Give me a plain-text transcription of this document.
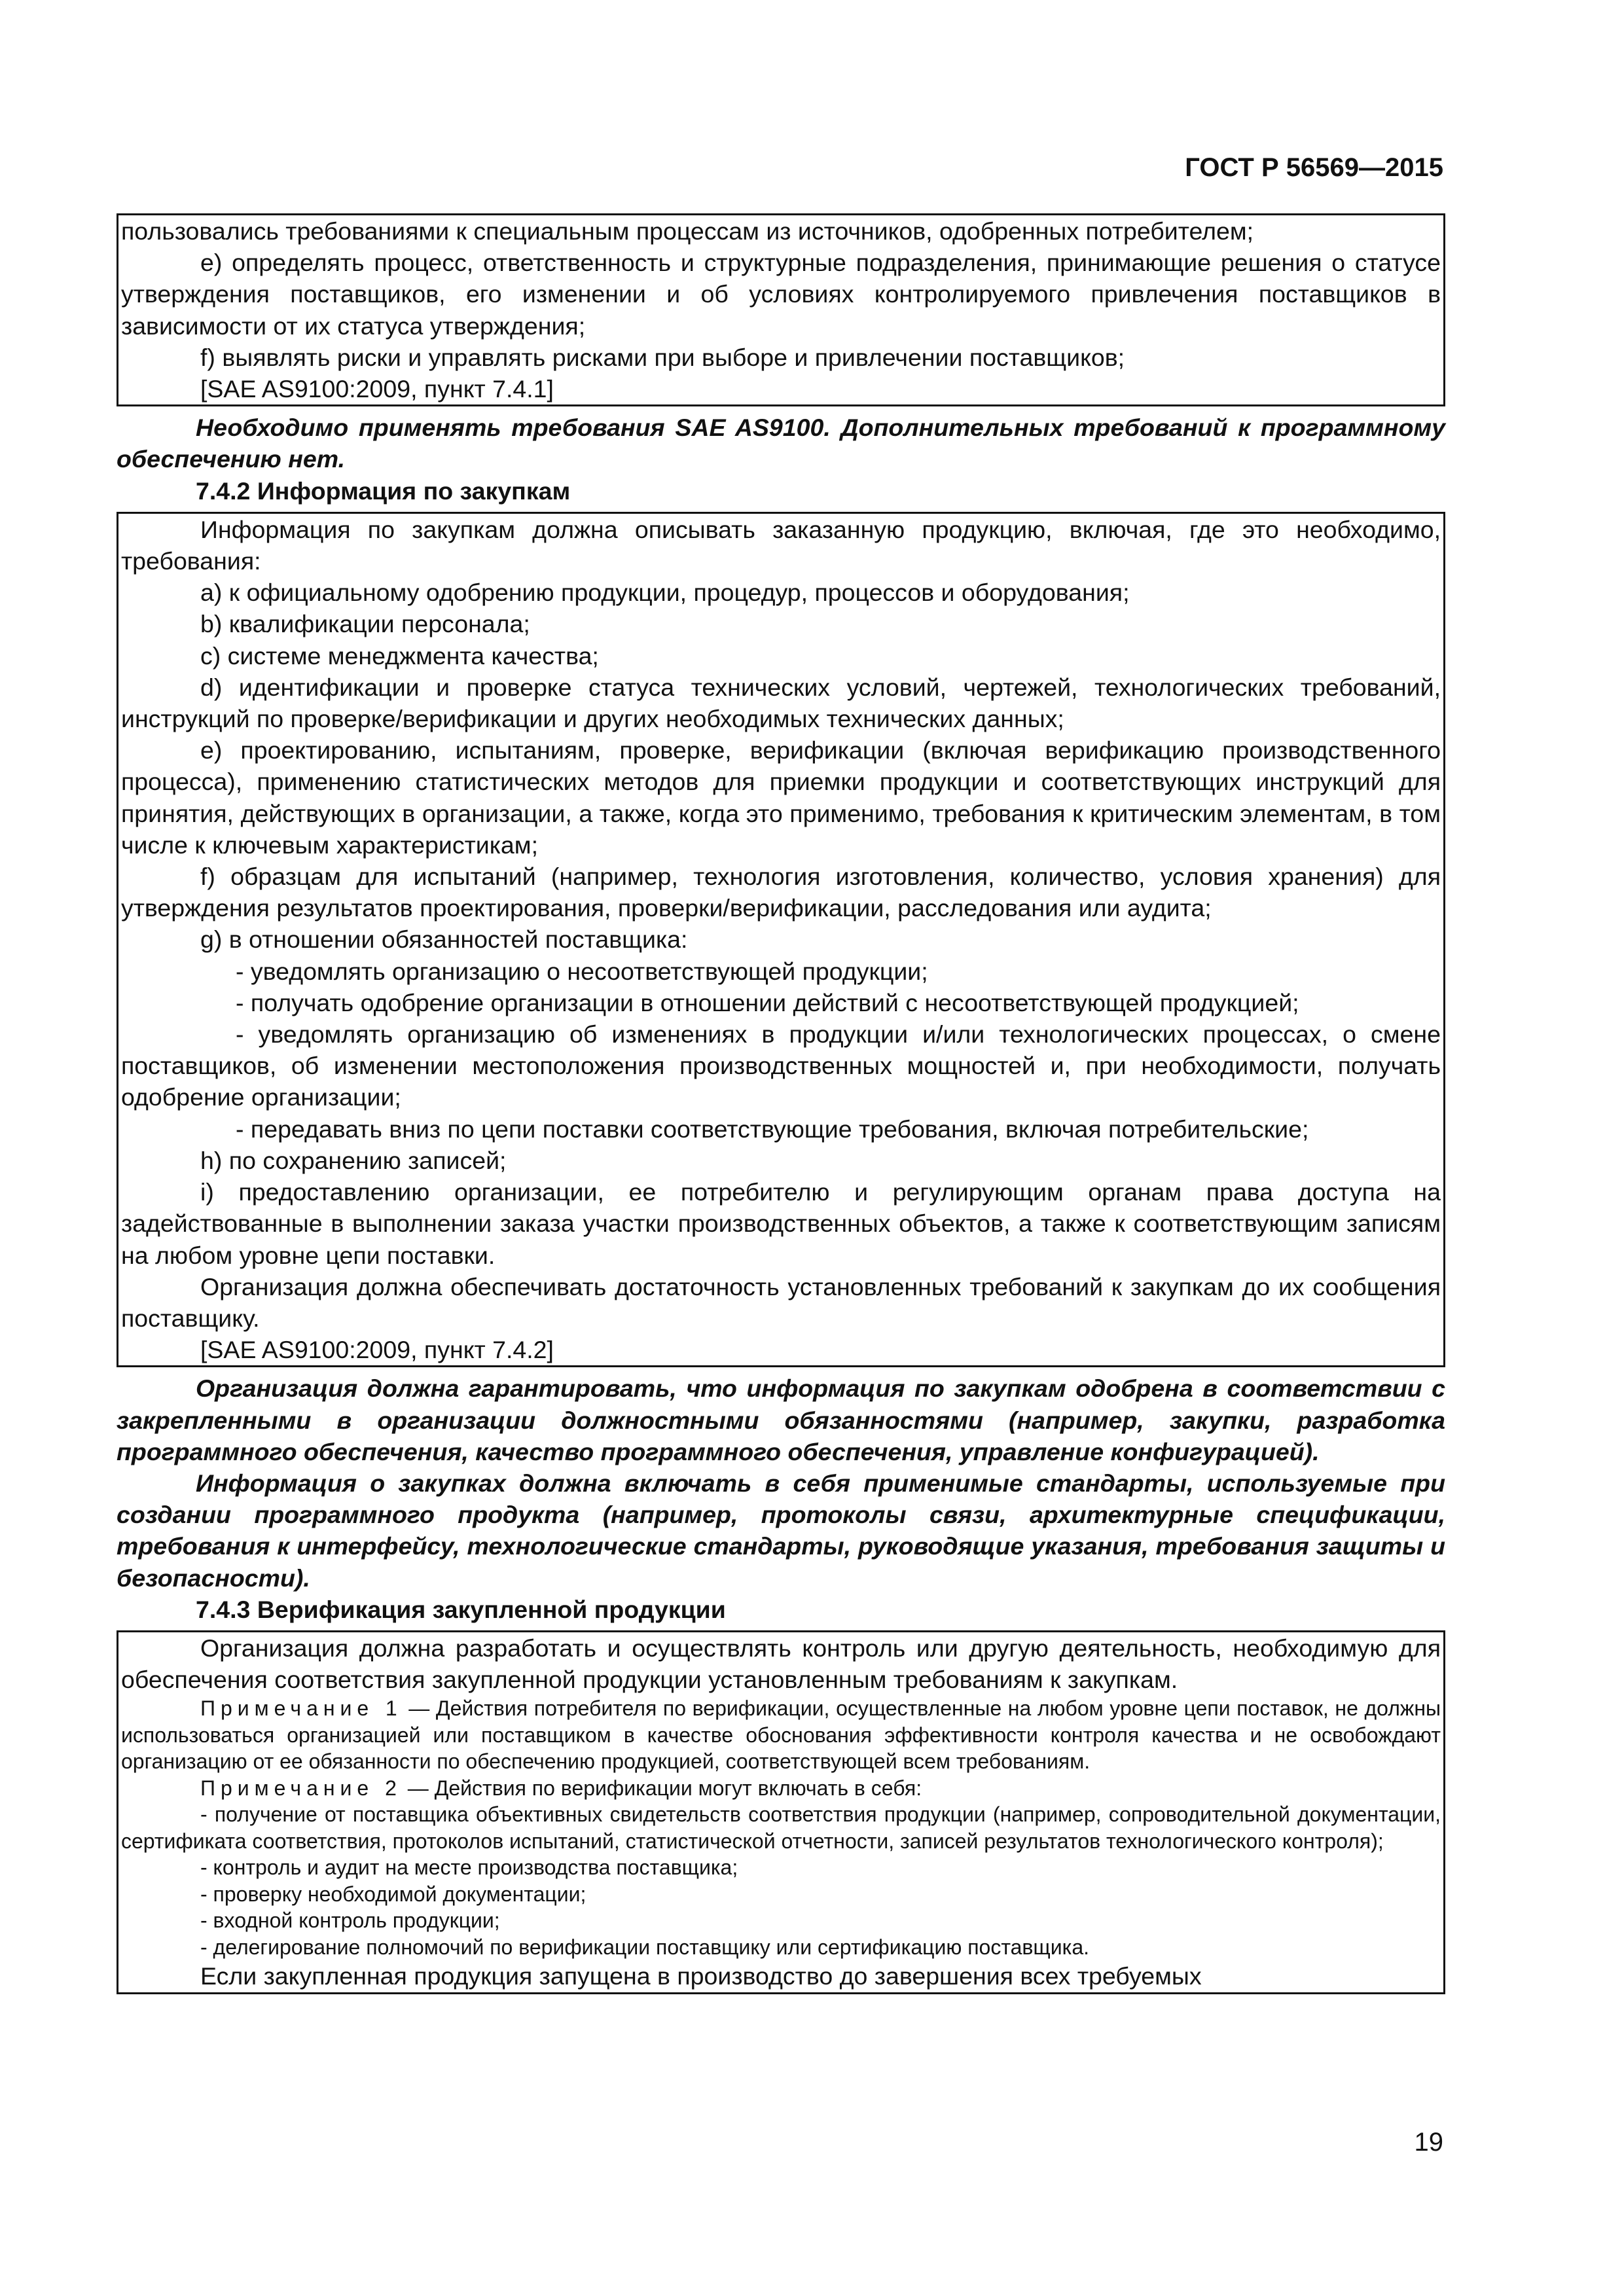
ГОСТ Р 56569—2015

пользовались требованиями к специальным процессам из источников, одобренных потребителем;

e) определять процесс, ответственность и структурные подразделения, принимающие решения о статусе утверждения поставщиков, его изменении и об условиях контролируемого привлечения поставщиков в зависимости от их статуса утверждения;

f) выявлять риски и управлять рисками при выборе и привлечении поставщиков;

[SAE AS9100:2009, пункт 7.4.1]

Необходимо применять требования SAE AS9100. Дополнительных требований к программному обеспечению нет.

7.4.2 Информация по закупкам

Информация по закупкам должна описывать заказанную продукцию, включая, где это необходимо, требования:

a) к официальному одобрению продукции, процедур, процессов и оборудования;

b) квалификации персонала;

c) системе менеджмента качества;

d) идентификации и проверке статуса технических условий, чертежей, технологических требований, инструкций по проверке/верификации и других необходимых технических данных;

e) проектированию, испытаниям, проверке, верификации (включая верификацию производственного процесса), применению статистических методов для приемки продукции и соответствующих инструкций для принятия, действующих в организации, а также, когда это применимо, требования к критическим элементам, в том числе к ключевым характеристикам;

f) образцам для испытаний (например, технология изготовления, количество, условия хранения) для утверждения результатов проектирования, проверки/верификации, расследования или аудита;

g) в отношении обязанностей поставщика:

- уведомлять организацию о несоответствующей продукции;

- получать одобрение организации в отношении действий с несоответствующей продукцией;

- уведомлять организацию об изменениях в продукции и/или технологических процессах, о смене поставщиков, об изменении местоположения производственных мощностей и, при необходимости, получать одобрение организации;

- передавать вниз по цепи поставки соответствующие требования, включая потребительские;

h) по сохранению записей;

i) предоставлению организации, ее потребителю и регулирующим органам права доступа на задействованные в выполнении заказа участки производственных объектов, а также к соответствующим записям на любом уровне цепи поставки.

Организация должна обеспечивать достаточность установленных требований к закупкам до их сообщения поставщику.

[SAE AS9100:2009, пункт 7.4.2]

Организация должна гарантировать, что информация по закупкам одобрена в соответствии с закрепленными в организации должностными обязанностями (например, закупки, разработка программного обеспечения, качество программного обеспечения, управление конфигурацией).

Информация о закупках должна включать в себя применимые стандарты, используемые при создании программного продукта (например, протоколы связи, архитектурные спецификации, требования к интерфейсу, технологические стандарты, руководящие указания, требования защиты и безопасности).

7.4.3 Верификация закупленной продукции

Организация должна разработать и осуществлять контроль или другую деятельность, необходимую для обеспечения соответствия закупленной продукции установленным требованиям к закупкам.

Примечание 1 — Действия потребителя по верификации, осуществленные на любом уровне цепи поставок, не должны использоваться организацией или поставщиком в качестве обоснования эффективности контроля качества и не освобождают организацию от ее обязанности по обеспечению продукцией, соответствующей всем требованиям.

Примечание 2 — Действия по верификации могут включать в себя:

- получение от поставщика объективных свидетельств соответствия продукции (например, сопроводительной документации, сертификата соответствия, протоколов испытаний, статистической отчетности, записей результатов технологического контроля);

- контроль и аудит на месте производства поставщика;

- проверку необходимой документации;

- входной контроль продукции;

- делегирование полномочий по верификации поставщику или сертификацию поставщика.

Если закупленная продукция запущена в производство до завершения всех требуемых

19
